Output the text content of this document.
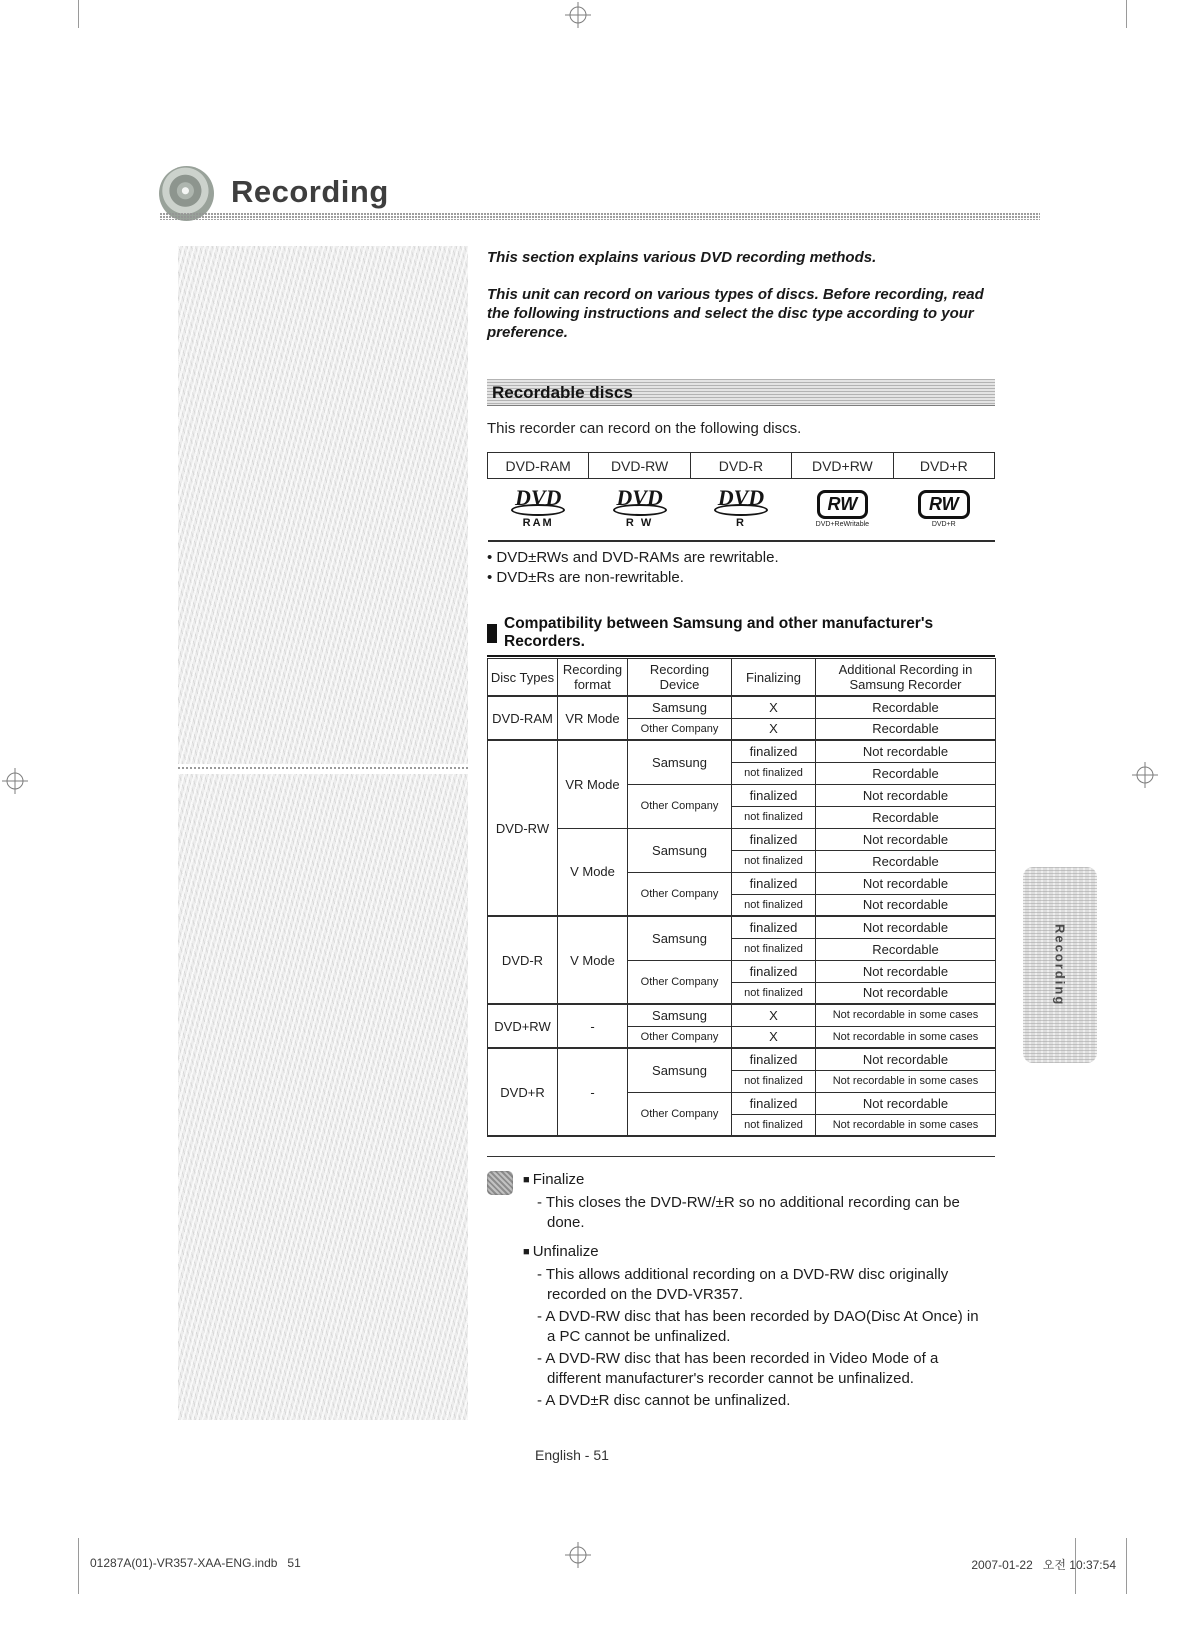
Recording

This section explains various DVD recording methods.

This unit can record on various types of discs. Before recording, read the following instructions and select the disc type according to your preference.

Recordable discs
This recorder can record on the following discs.
DVD-RAM	DVD-RW	DVD-R	DVD+RW	DVD+R

DVD
RAM	DVD
R W	DVD
R	RW
DVD+ReWritable	RW
DVD+R
• DVD±RWs and DVD-RAMs are rewritable.
• DVD±Rs are non-rewritable.
Compatibility between Samsung and other manufacturer's Recorders.
Disc Types	Recording format	Recording Device	Finalizing	Additional Recording in Samsung Recorder
DVD-RAM	VR Mode	Samsung	X	Recordable
		Other Company	X	Recordable
DVD-RW	VR Mode	Samsung	finalized	Not recordable
			not finalized	Recordable
		Other Company	finalized	Not recordable
			not finalized	Recordable
	V Mode	Samsung	finalized	Not recordable
			not finalized	Recordable
		Other Company	finalized	Not recordable
			not finalized	Not recordable
DVD-R	V Mode	Samsung	finalized	Not recordable
			not finalized	Recordable
		Other Company	finalized	Not recordable
			not finalized	Not recordable
DVD+RW	-	Samsung	X	Not recordable in some cases
		Other Company	X	Not recordable in some cases
DVD+R	-	Samsung	finalized	Not recordable
			not finalized	Not recordable in some cases
		Other Company	finalized	Not recordable
			not finalized	Not recordable in some cases
■ Finalize
- This closes the DVD-RW/±R so no additional recording can be done.
■ Unfinalize
- This allows additional recording on a DVD-RW disc originally recorded on the DVD-VR357.
- A DVD-RW disc that has been recorded by DAO(Disc At Once) in a PC cannot be unfinalized.
- A DVD-RW disc that has been recorded in Video Mode of a different manufacturer's recorder cannot be unfinalized.
- A DVD±R disc cannot be unfinalized.
English - 51
Recording
01287A(01)-VR357-XAA-ENG.indb   51	2007-01-22   오전 10:37:54
